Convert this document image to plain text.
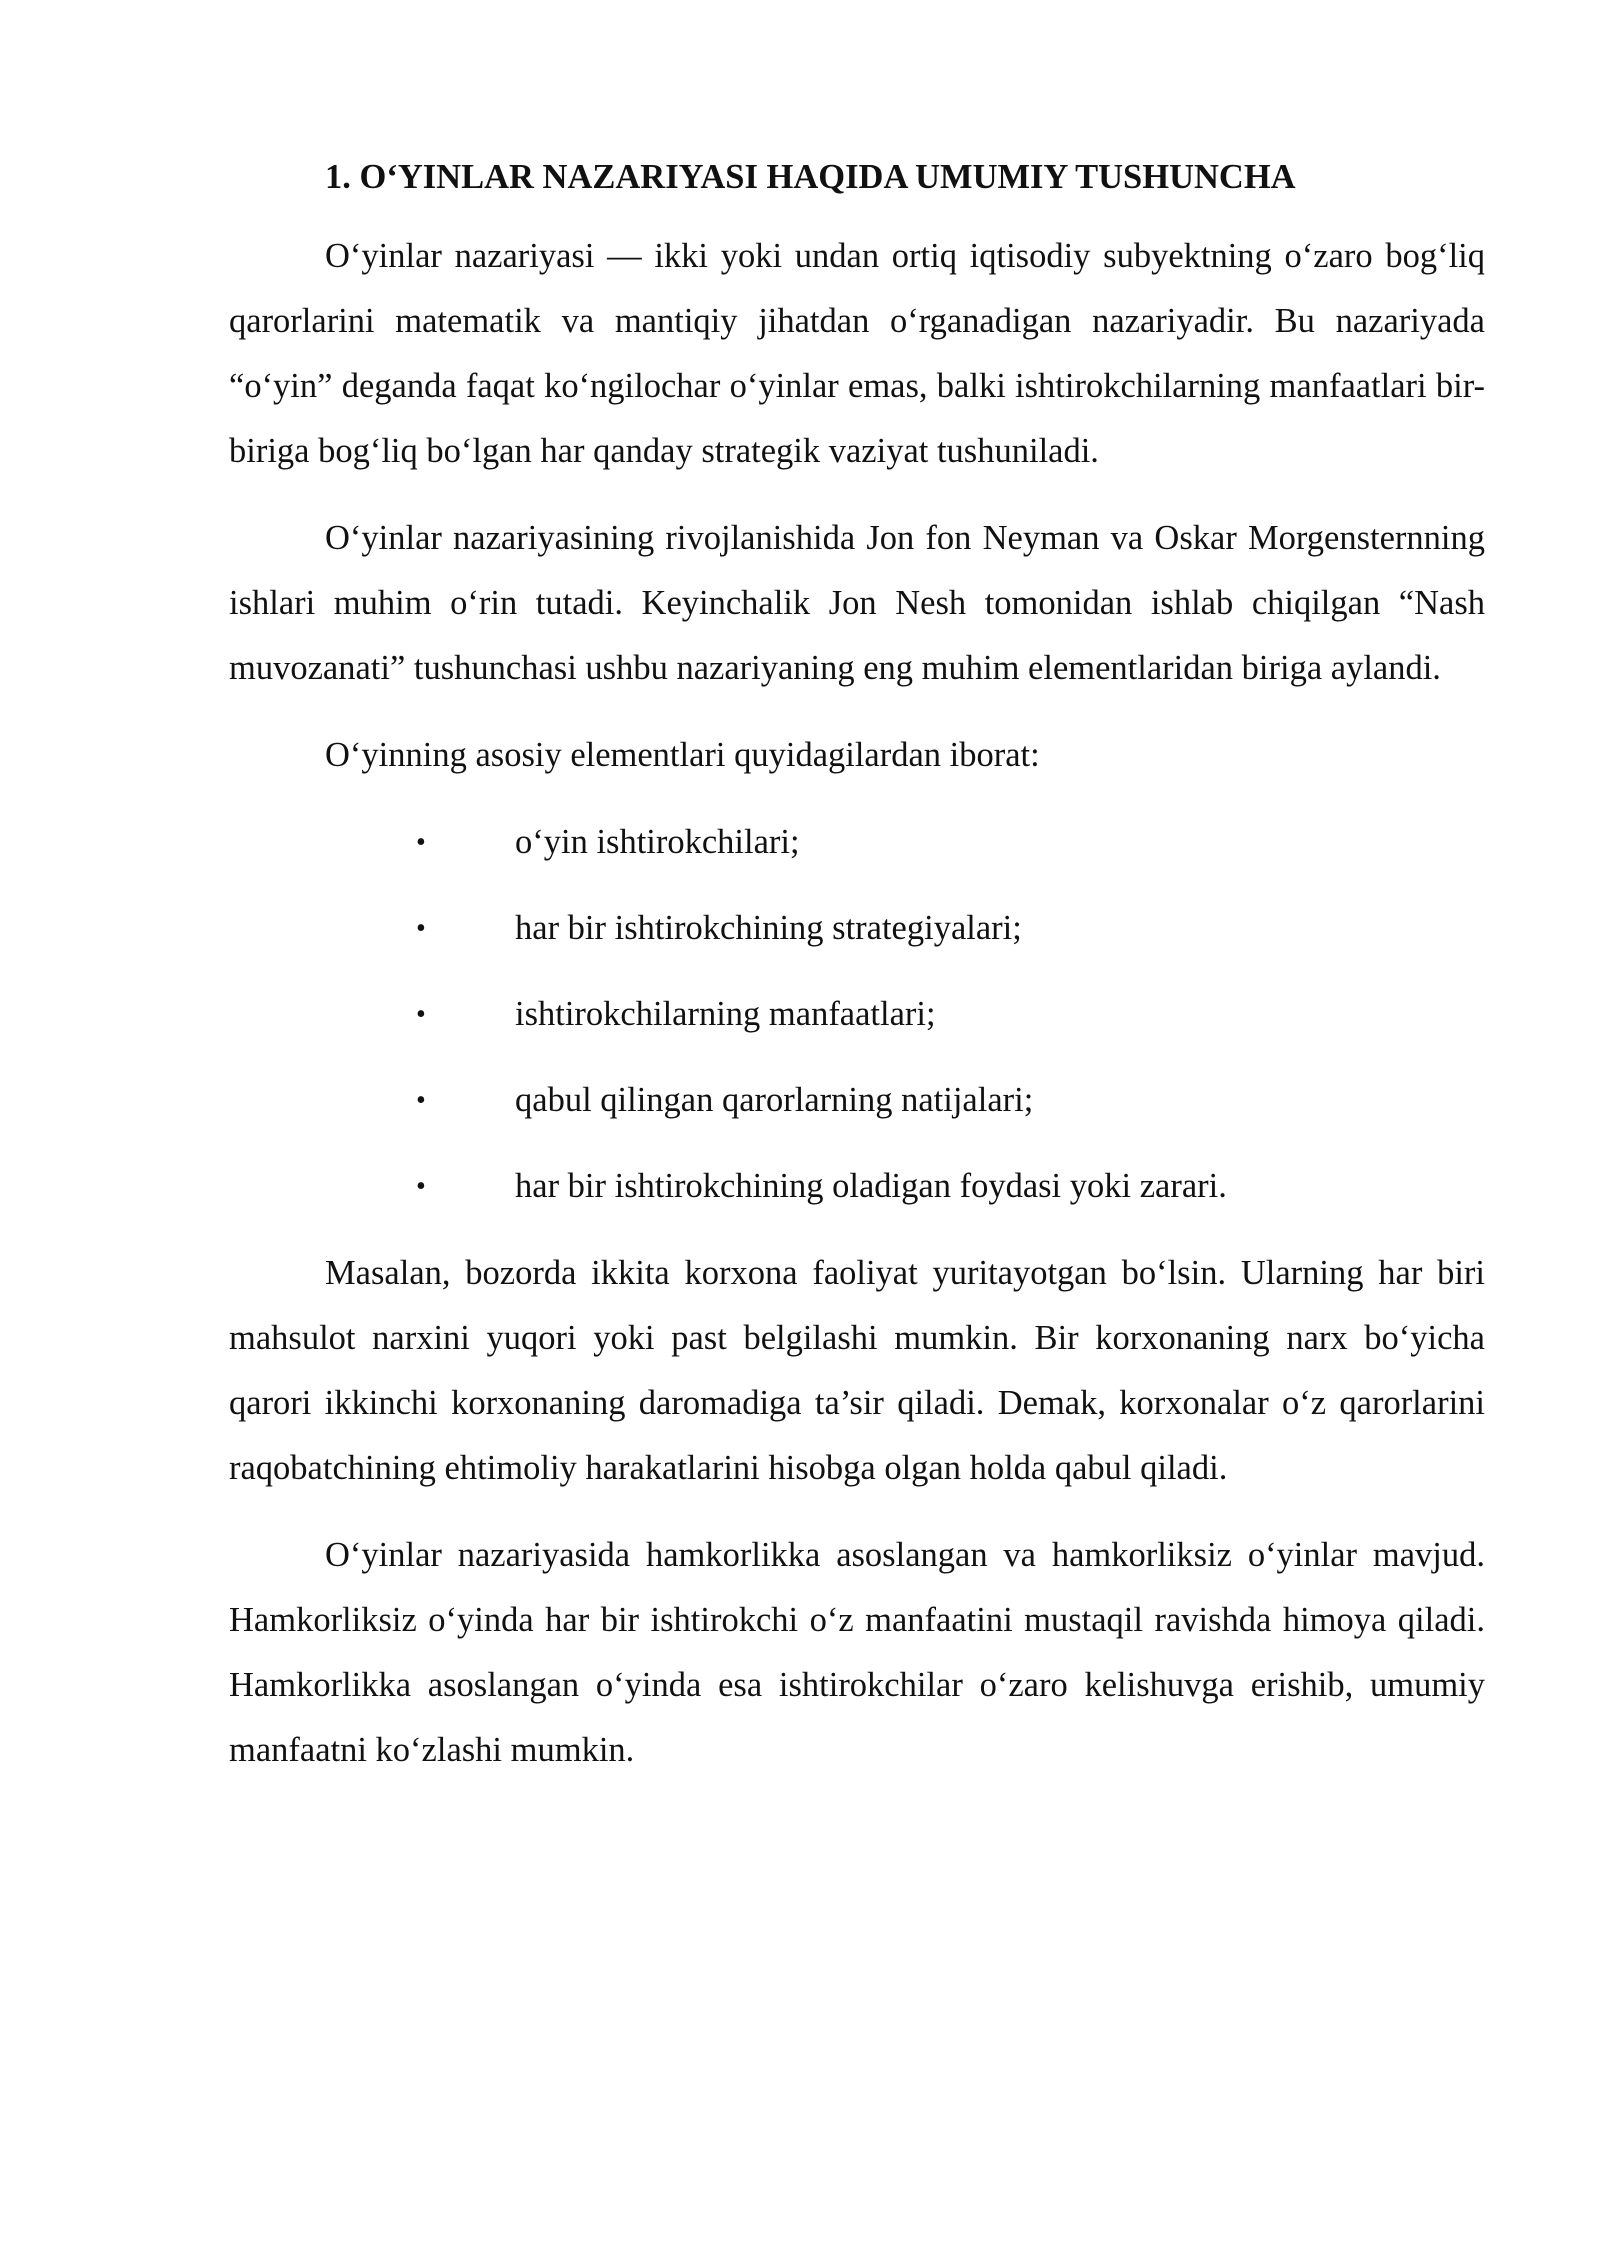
1. O‘YINLAR NAZARIYASI HAQIDA UMUMIY TUSHUNCHA

O‘yinlar nazariyasi — ikki yoki undan ortiq iqtisodiy subyektning o‘zaro bog‘liq qarorlarini matematik va mantiqiy jihatdan o‘rganadigan nazariyadir. Bu nazariyada “o‘yin” deganda faqat ko‘ngilochar o‘yinlar emas, balki ishtirokchilarning manfaatlari bir-biriga bog‘liq bo‘lgan har qanday strategik vaziyat tushuniladi.

O‘yinlar nazariyasining rivojlanishida Jon fon Neyman va Oskar Morgensternning ishlari muhim o‘rin tutadi. Keyinchalik Jon Nesh tomonidan ishlab chiqilgan “Nash muvozanati” tushunchasi ushbu nazariyaning eng muhim elementlaridan biriga aylandi.

O‘yinning asosiy elementlari quyidagilardan iborat:

•	o‘yin ishtirokchilari;
•	har bir ishtirokchining strategiyalari;
•	ishtirokchilarning manfaatlari;
•	qabul qilingan qarorlarning natijalari;
•	har bir ishtirokchining oladigan foydasi yoki zarari.

Masalan, bozorda ikkita korxona faoliyat yuritayotgan bo‘lsin. Ularning har biri mahsulot narxini yuqori yoki past belgilashi mumkin. Bir korxonaning narx bo‘yicha qarori ikkinchi korxonaning daromadiga ta’sir qiladi. Demak, korxonalar o‘z qarorlarini raqobatchining ehtimoliy harakatlarini hisobga olgan holda qabul qiladi.

O‘yinlar nazariyasida hamkorlikka asoslangan va hamkorliksiz o‘yinlar mavjud. Hamkorliksiz o‘yinda har bir ishtirokchi o‘z manfaatini mustaqil ravishda himoya qiladi. Hamkorlikka asoslangan o‘yinda esa ishtirokchilar o‘zaro kelishuvga erishib, umumiy manfaatni ko‘zlashi mumkin.
